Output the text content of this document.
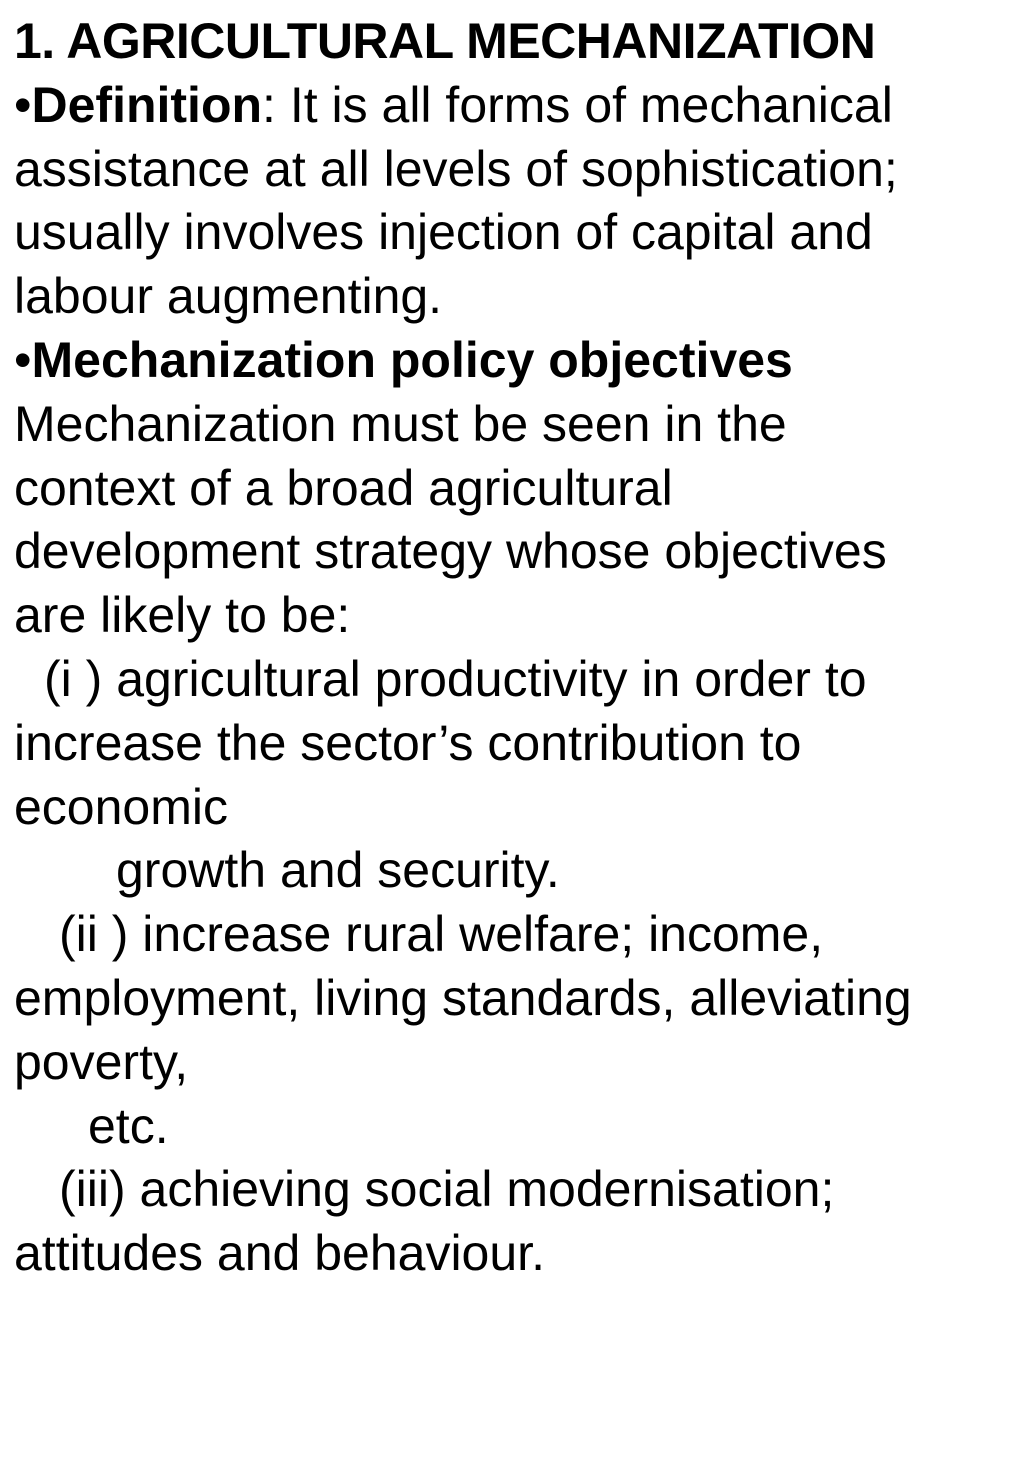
1. AGRICULTURAL MECHANIZATION
•Definition: It is all forms of mechanical
assistance at all levels of sophistication;
usually involves injection of capital and
labour augmenting.
•Mechanization policy objectives
Mechanization must be seen in the
context of a broad agricultural
development strategy whose objectives
are likely to be:
(i ) agricultural productivity in order to
increase the sector’s contribution to
economic
growth and security.
(ii ) increase rural welfare; income,
employment, living standards, alleviating
poverty,
etc.
(iii) achieving social modernisation;
attitudes and behaviour.
